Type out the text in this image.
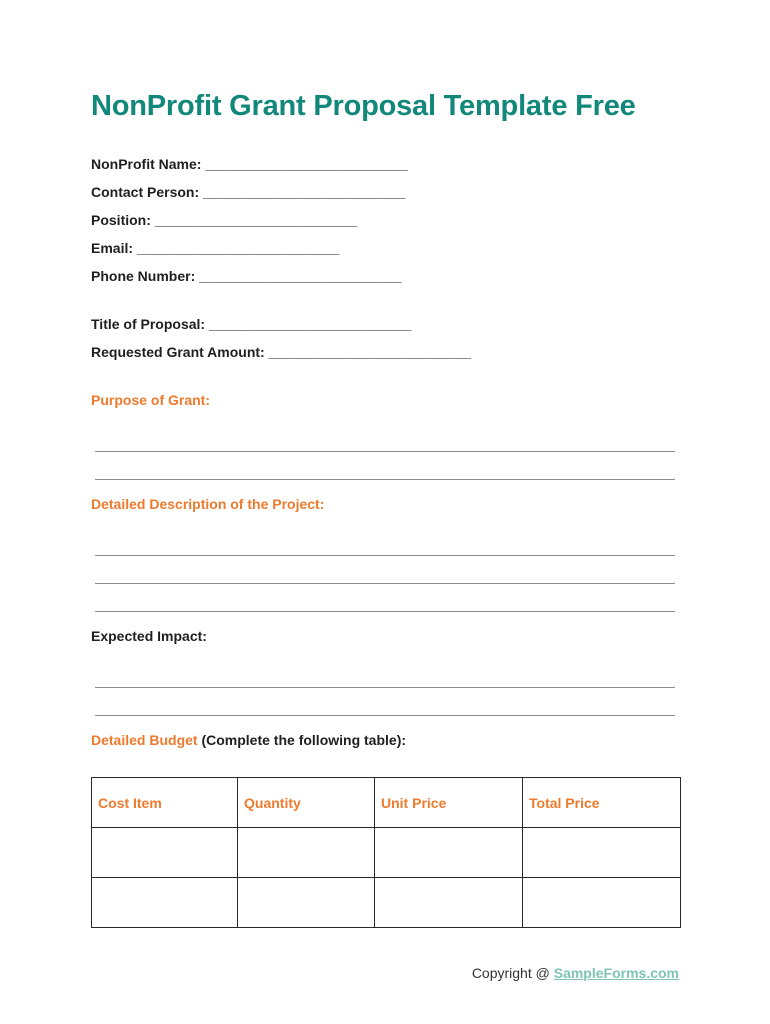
NonProfit Grant Proposal Template Free
NonProfit Name: __________________________
Contact Person: __________________________
Position: __________________________
Email: __________________________
Phone Number: __________________________
Title of Proposal: __________________________
Requested Grant Amount: __________________________
Purpose of Grant:
Detailed Description of the Project:
Expected Impact:
Detailed Budget (Complete the following table):
Cost Item	Quantity	Unit Price	Total Price

Copyright @ SampleForms.com
